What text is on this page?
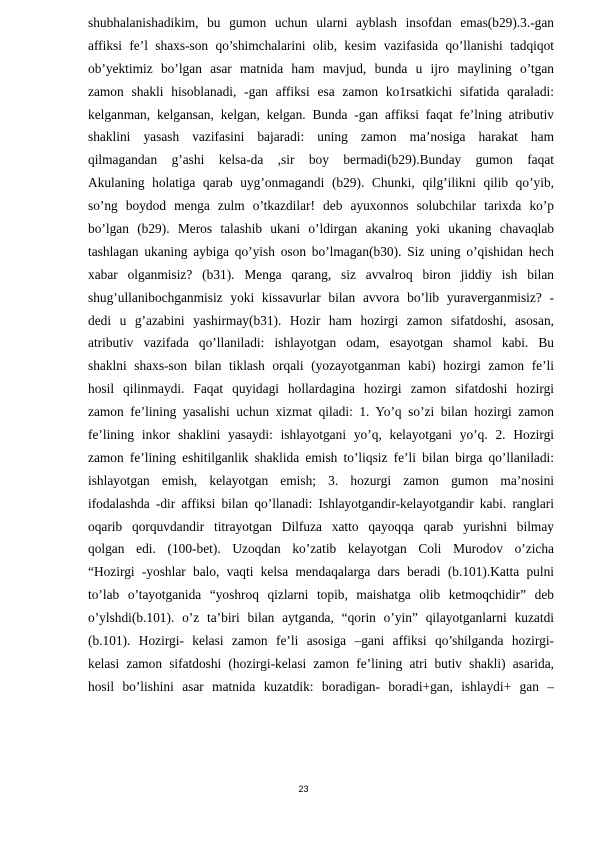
shubhalanishadikim, bu gumon uchun ularni ayblash insofdan emas(b29).3.-gan
affiksi fe’l shaxs-son qo’shimchalarini olib, kesim vazifasida qo’llanishi tadqiqot
ob’yektimiz bo’lgan asar matnida ham mavjud, bunda u ijro maylining o’tgan
zamon shakli hisoblanadi, -gan affiksi esa zamon ko1rsatkichi sifatida qaraladi:
kelganman, kelgansan, kelgan, kelgan. Bunda -gan affiksi faqat fe’lning atributiv
shaklini yasash vazifasini bajaradi: uning zamon ma’nosiga harakat ham
qilmagandan g’ashi kelsa-da ,sir boy bermadi(b29).Bunday gumon faqat
Akulaning holatiga qarab uyg’onmagandi (b29). Chunki, qilg’ilikni qilib qo’yib,
so’ng boydod menga zulm o’tkazdilar! deb ayuxonnos solubchilar tarixda ko’p
bo’lgan (b29). Meros talashib ukani o’ldirgan akaning yoki ukaning chavaqlab
tashlagan ukaning aybiga qo’yish oson bo’lmagan(b30). Siz uning o’qishidan hech
xabar olganmisiz? (b31). Menga qarang, siz avvalroq biron jiddiy ish bilan
shug’ullanibochganmisiz yoki kissavurlar bilan avvora bo’lib yuraverganmisiz? -
dedi u g’azabini yashirmay(b31). Hozir ham hozirgi zamon sifatdoshi, asosan,
atributiv vazifada qo’llaniladi: ishlayotgan odam, esayotgan shamol kabi. Bu
shaklni shaxs-son bilan tiklash orqali (yozayotganman kabi) hozirgi zamon fe’li
hosil qilinmaydi. Faqat quyidagi hollardagina hozirgi zamon sifatdoshi hozirgi
zamon fe’lining yasalishi uchun xizmat qiladi: 1. Yo’q so’zi bilan hozirgi zamon
fe’lining inkor shaklini yasaydi: ishlayotgani yo’q, kelayotgani yo’q. 2. Hozirgi
zamon fe’lining eshitilganlik shaklida emish to’liqsiz fe’li bilan birga qo’llaniladi:
ishlayotgan emish, kelayotgan emish; 3. hozurgi zamon gumon ma’nosini
ifodalashda -dir affiksi bilan qo’llanadi: Ishlayotgandir-kelayotgandir kabi. ranglari
oqarib qorquvdandir titrayotgan Dilfuza xatto qayoqqa qarab yurishni bilmay
qolgan edi. (100-bet). Uzoqdan ko’zatib kelayotgan Coli Murodov o’zicha
“Hozirgi -yoshlar balo, vaqti kelsa mendaqalarga dars beradi (b.101).Katta pulni
to’lab o’tayotganida “yoshroq qizlarni topib, maishatga olib ketmoqchidir” deb
o’ylshdi(b.101). o’z ta’biri bilan aytganda, “qorin o’yin” qilayotganlarni kuzatdi
(b.101). Hozirgi- kelasi zamon fe’li asosiga –gani affiksi qo’shilganda hozirgi-
kelasi zamon sifatdoshi (hozirgi-kelasi zamon fe’lining atri butiv shakli) asarida,
hosil bo’lishini asar matnida kuzatdik: boradigan- boradi+gan, ishlaydi+ gan –
23
